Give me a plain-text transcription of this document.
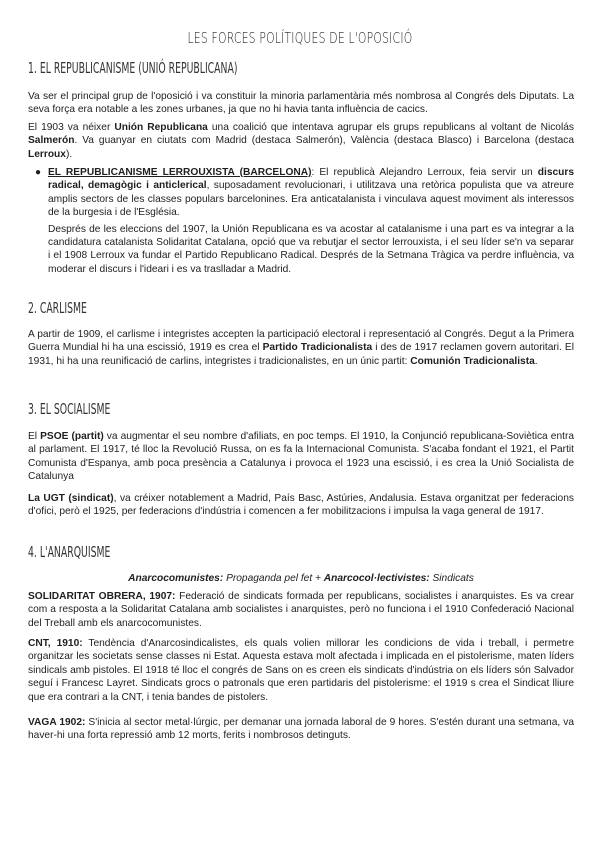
LES FORCES POLÍTIQUES DE L'OPOSICIÓ
1. EL REPUBLICANISME (UNIÓ REPUBLICANA)

Va ser el principal grup de l'oposició i va constituir la minoria parlamentària més nombrosa al Congrés dels Diputats. La seva força era notable a les zones urbanes, ja que no hi havia tanta influència de cacics.

El 1903 va néixer Unión Republicana una coalició que intentava agrupar els grups republicans al voltant de Nicolás Salmerón. Va guanyar en ciutats com Madrid (destaca Salmerón), València (destaca Blasco) i Barcelona (destaca Lerroux).

● EL REPUBLICANISME LERROUXISTA (BARCELONA): El republicà Alejandro Lerroux, feia servir un discurs radical, demagògic i anticlerical, suposadament revolucionari, i utilitzava una retòrica populista que va atreure amplis sectors de les classes populars barcelonines. Era anticatalanista i vinculava aquest moviment als interessos de la burgesia i de l'Església.

Després de les eleccions del 1907, la Unión Republicana es va acostar al catalanisme i una part es va integrar a la candidatura catalanista Solidaritat Catalana, opció que va rebutjar el sector lerrouxista, i el seu líder se'n va separar i el 1908 Lerroux va fundar el Partido Republicano Radical. Després de la Setmana Tràgica va perdre influència, va moderar el discurs i l'ideari i es va traslladar a Madrid.

2. CARLISME

A partir de 1909, el carlisme i integristes accepten la participació electoral i representació al Congrés. Degut a la Primera Guerra Mundial hi ha una escissió, 1919 es crea el Partido Tradicionalista i des de 1917 reclamen govern autoritari. El 1931, hi ha una reunificació de carlins, integristes i tradicionalistes, en un únic partit: Comunión Tradicionalista.

3. EL SOCIALISME

El PSOE (partit) va augmentar el seu nombre d'afiliats, en poc temps. El 1910, la Conjunció republicana-Soviètica entra al parlament. El 1917, té lloc la Revolució Russa, on es fa la Internacional Comunista. S'acaba fondant el 1921, el Partit Comunista d'Espanya, amb poca presència a Catalunya i provoca el 1923 una escissió, i es crea la Unió Socialista de Catalunya

La UGT (sindicat), va créixer notablement a Madrid, País Basc, Astúries, Andalusia. Estava organitzat per federacions d'ofici, però el 1925, per federacions d'indústria i comencen a fer mobilitzacions i impulsa la vaga general de 1917.

4. L'ANARQUISME

Anarcocomunistes: Propaganda pel fet + Anarcocol·lectivistes: Sindicats

SOLIDARITAT OBRERA, 1907: Federació de sindicats formada per republicans, socialistes i anarquistes. Es va crear com a resposta a la Solidaritat Catalana amb socialistes i anarquistes, però no funciona i el 1910 Confederació Nacional del Treball amb els anarcocomunistes.

CNT, 1910: Tendència d'Anarcosindicalistes, els quals volien millorar les condicions de vida i treball, i permetre organitzar les societats sense classes ni Estat. Aquesta estava molt afectada i implicada en el pistolerisme, maten líders sindicals amb pistoles. El 1918 té lloc el congrés de Sans on es creen els sindicats d'indústria on els líders són Salvador seguí i Francesc Layret. Sindicats grocs o patronals que eren partidaris del pistolerisme: el 1919 s crea el Sindicat lliure que era contrari a la CNT, i tenia bandes de pistolers.

VAGA 1902: S'inicia al sector metal·lúrgic, per demanar una jornada laboral de 9 hores. S'estén durant una setmana, va haver-hi una forta repressió amb 12 morts, ferits i nombrosos detinguts.
